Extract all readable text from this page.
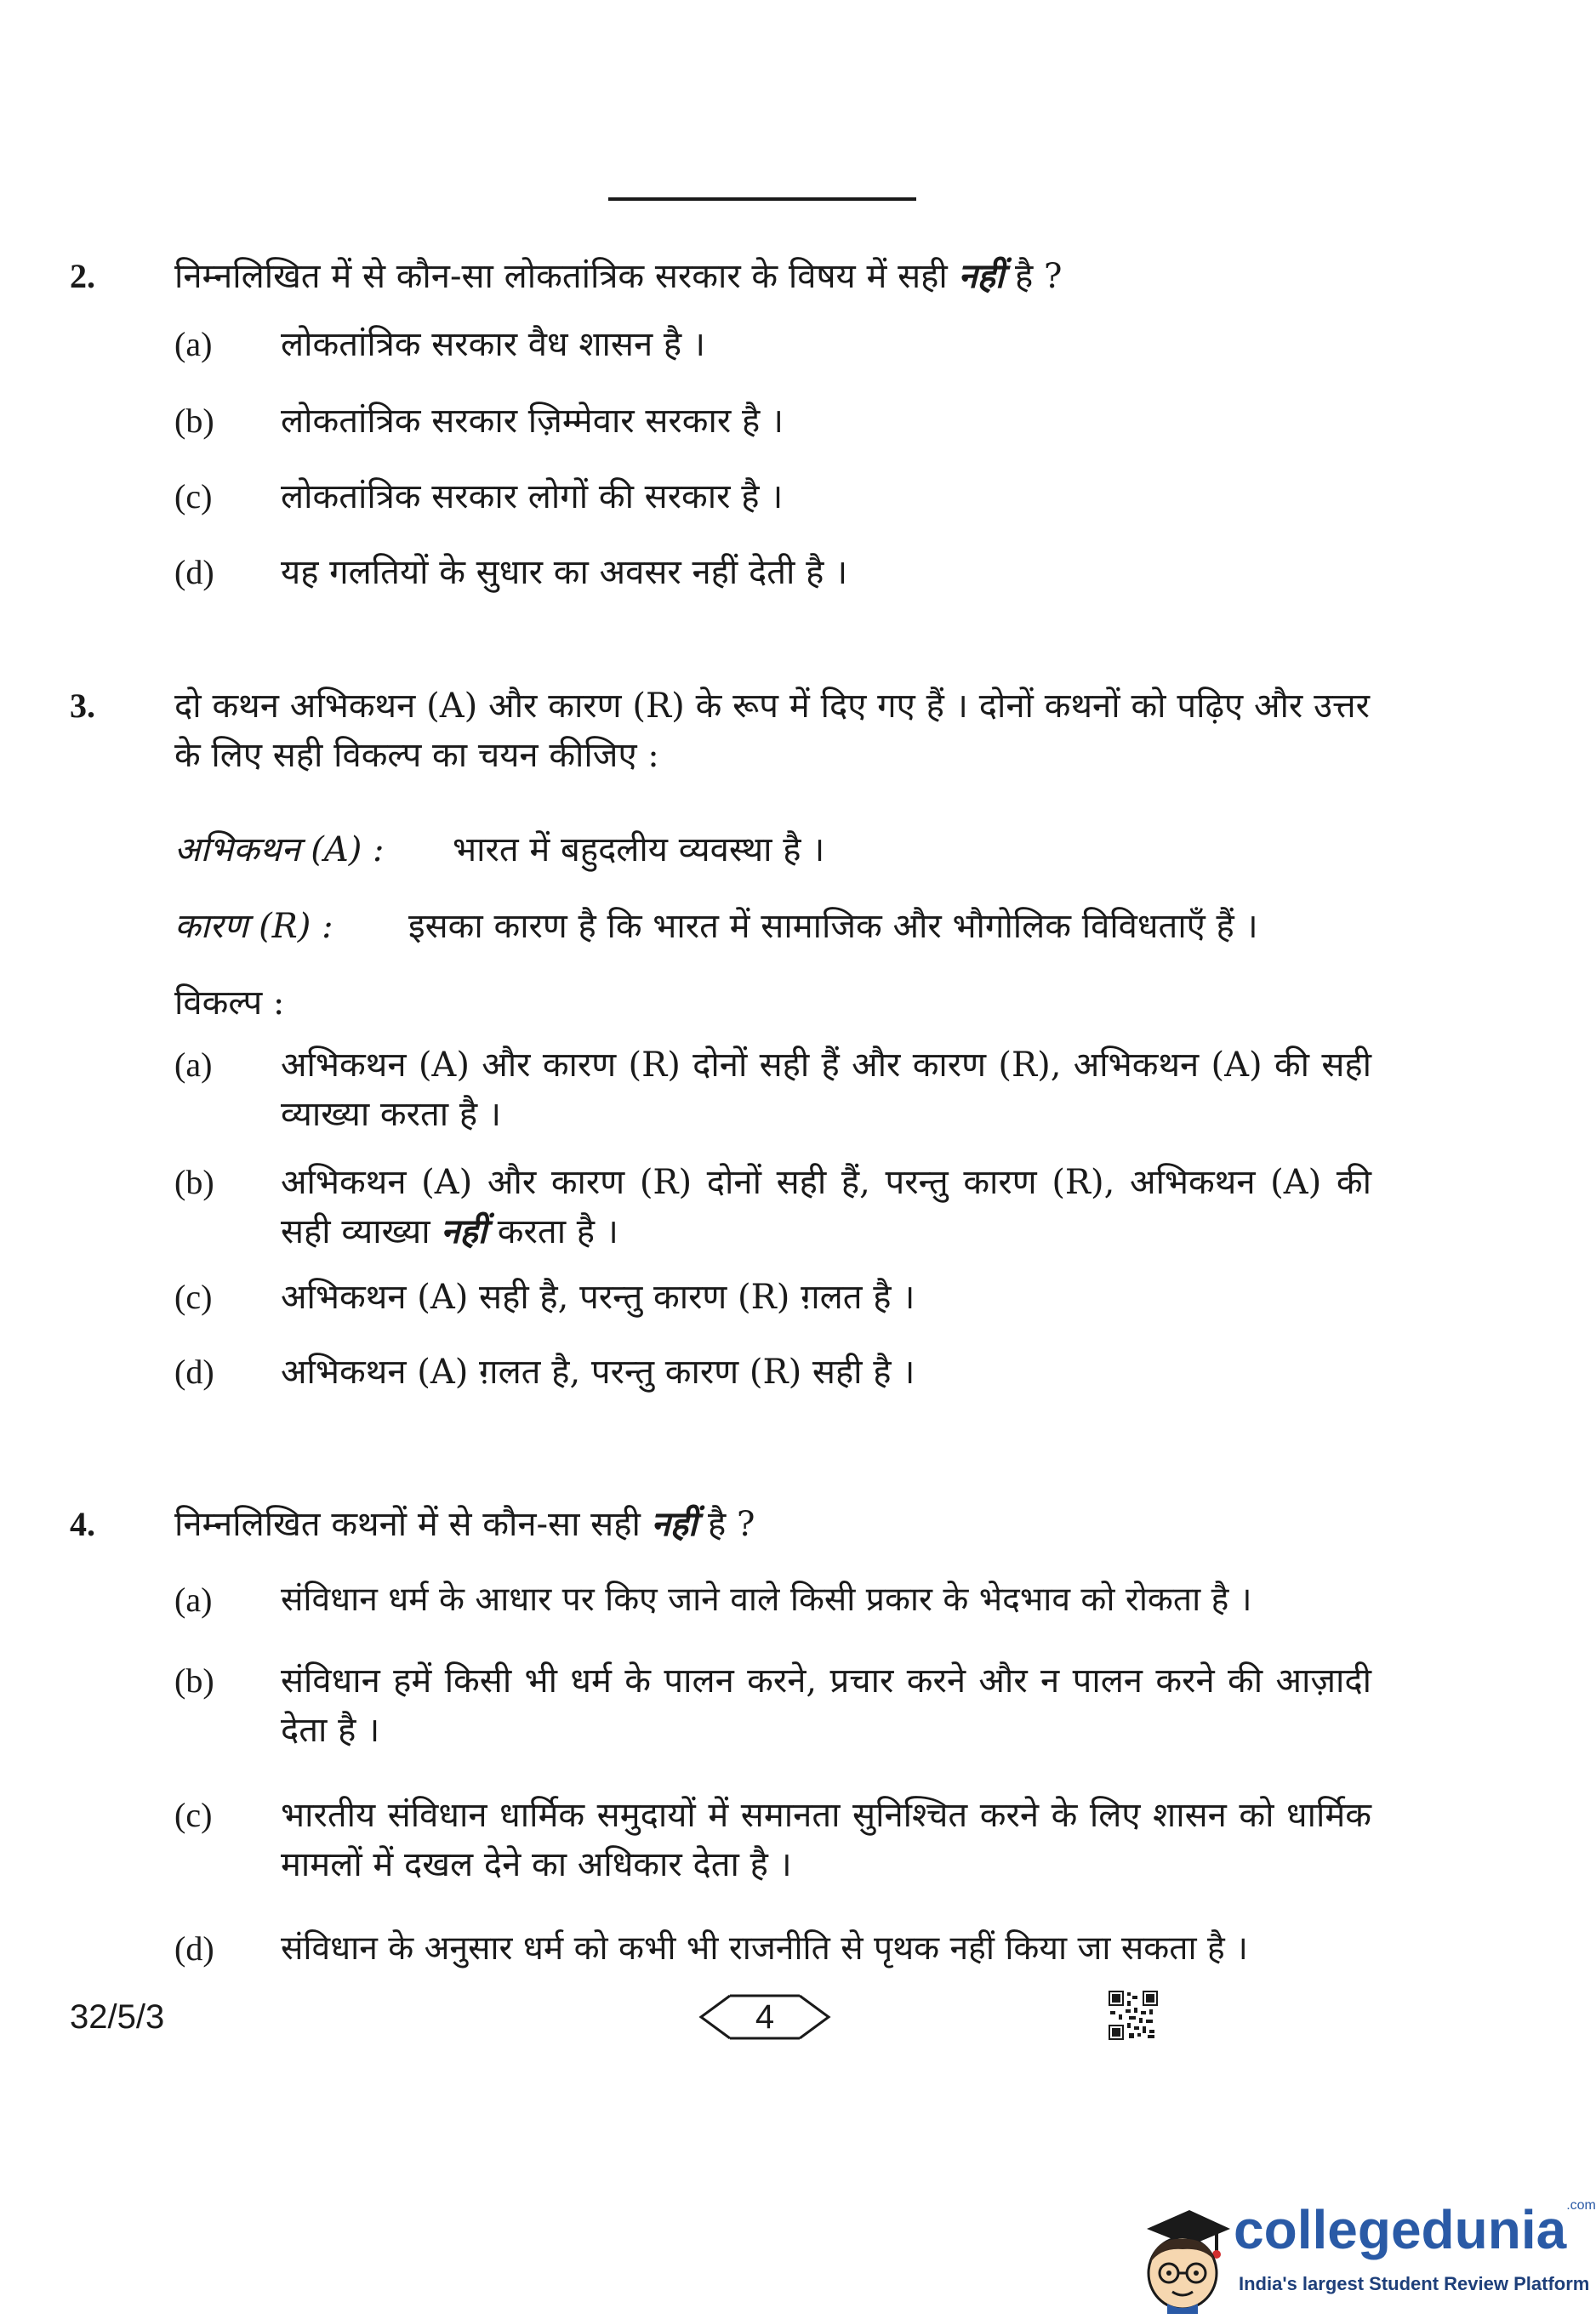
2. निम्नलिखित में से कौन-सा लोकतांत्रिक सरकार के विषय में सही नहीं है ?
(a) लोकतांत्रिक सरकार वैध शासन है ।
(b) लोकतांत्रिक सरकार ज़िम्मेवार सरकार है ।
(c) लोकतांत्रिक सरकार लोगों की सरकार है ।
(d) यह गलतियों के सुधार का अवसर नहीं देती है ।
3. दो कथन अभिकथन (A) और कारण (R) के रूप में दिए गए हैं । दोनों कथनों को पढ़िए और उत्तर के लिए सही विकल्प का चयन कीजिए :
अभिकथन (A) : भारत में बहुदलीय व्यवस्था है ।
कारण (R) : इसका कारण है कि भारत में सामाजिक और भौगोलिक विविधताएँ हैं ।
विकल्प :
(a) अभिकथन (A) और कारण (R) दोनों सही हैं और कारण (R), अभिकथन (A) की सही व्याख्या करता है ।
(b) अभिकथन (A) और कारण (R) दोनों सही हैं, परन्तु कारण (R), अभिकथन (A) की सही व्याख्या नहीं करता है ।
(c) अभिकथन (A) सही है, परन्तु कारण (R) ग़लत है ।
(d) अभिकथन (A) ग़लत है, परन्तु कारण (R) सही है ।
4. निम्नलिखित कथनों में से कौन-सा सही नहीं है ?
(a) संविधान धर्म के आधार पर किए जाने वाले किसी प्रकार के भेदभाव को रोकता है ।
(b) संविधान हमें किसी भी धर्म के पालन करने, प्रचार करने और न पालन करने की आज़ादी देता है ।
(c) भारतीय संविधान धार्मिक समुदायों में समानता सुनिश्चित करने के लिए शासन को धार्मिक मामलों में दखल देने का अधिकार देता है ।
(d) संविधान के अनुसार धर्म को कभी भी राजनीति से पृथक नहीं किया जा सकता है ।
32/5/3	4
collegedunia.com
India's largest Student Review Platform
